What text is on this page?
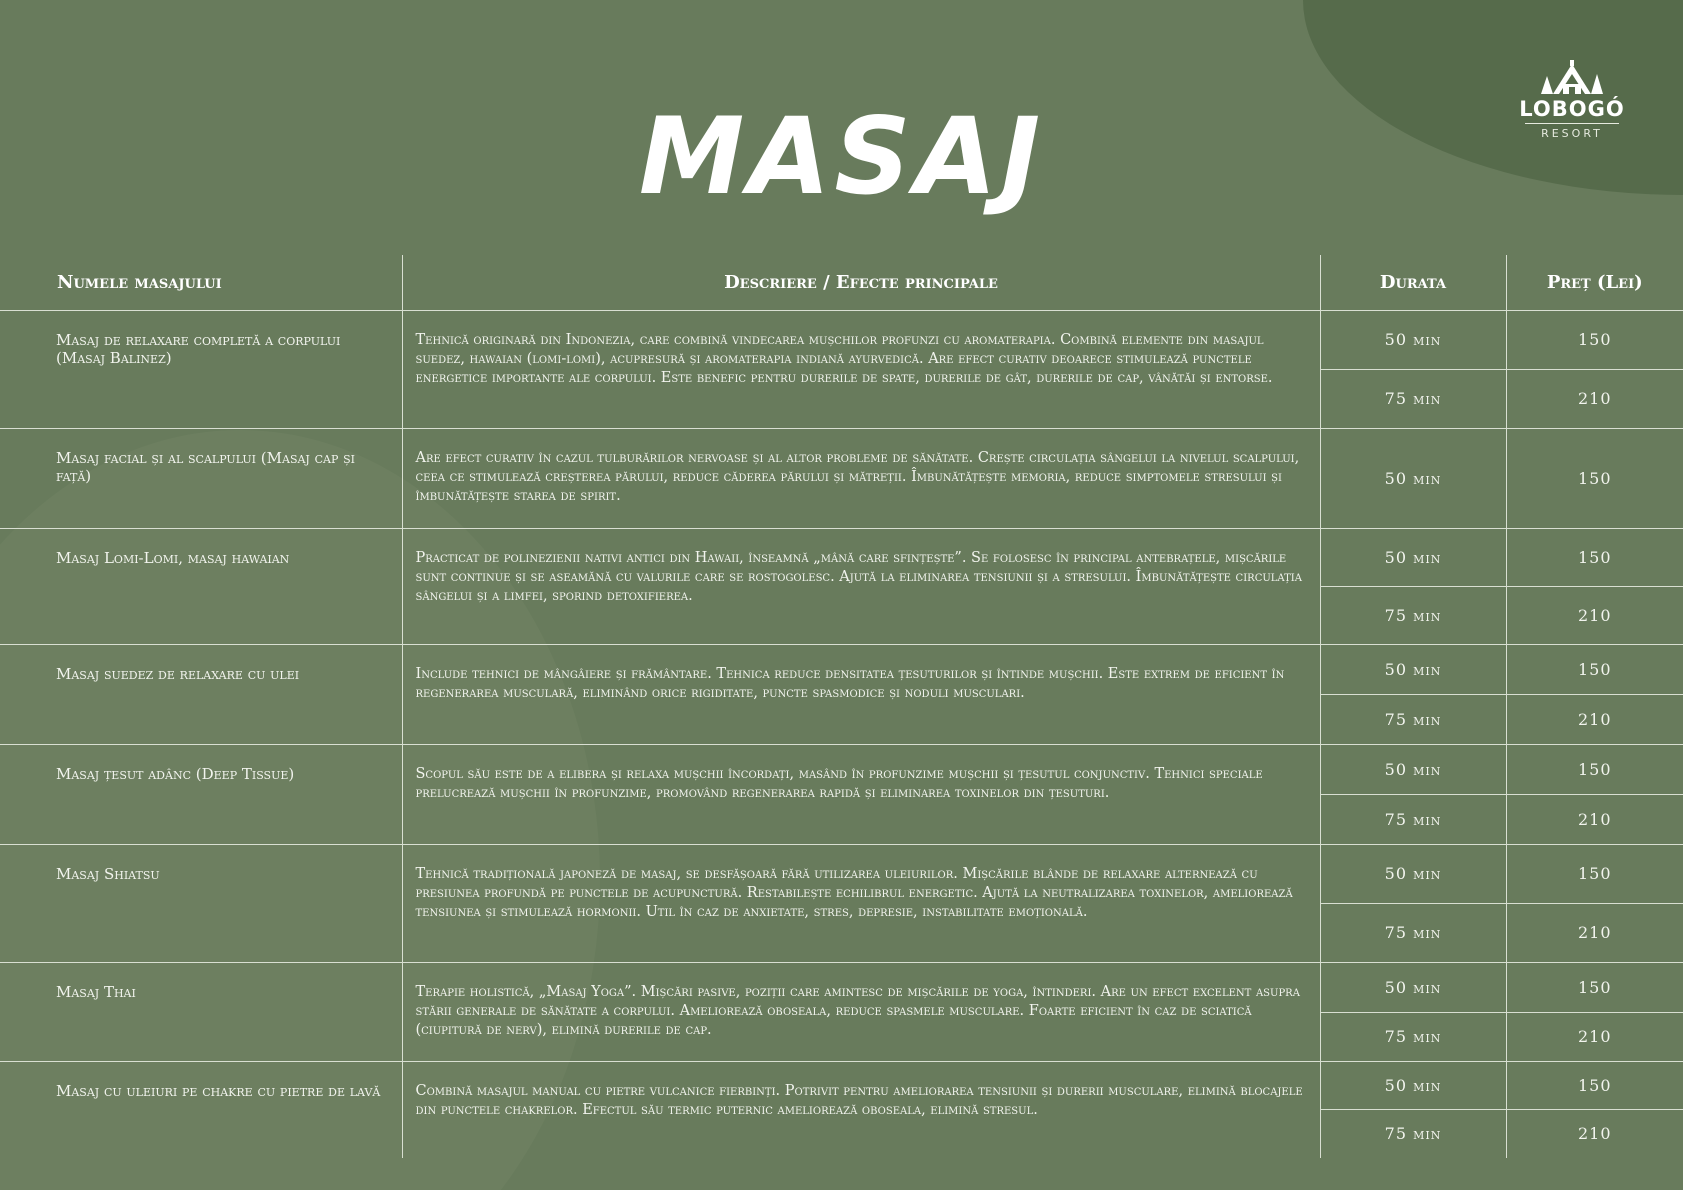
LOBOGÓ
RESORT
MASAJ
Numele masajului	Descriere / Efecte principale	Durata	Preț (Lei)
Masaj de relaxare completă a corpului (Masaj Balinez)	Tehnică originară din Indonezia, care combină vindecarea mușchilor profunzi cu aromaterapia. Combină elemente din masajul suedez, hawaian (lomi-lomi), acupresură și aromaterapia indiană ayurvedică. Are efect curativ deoarece stimulează punctele energetice importante ale corpului. Este benefic pentru durerile de spate, durerile de gât, durerile de cap, vânătăi și entorse.	50 min	150
		75 min	210
Masaj facial și al scalpului (Masaj cap și față)	Are efect curativ în cazul tulburărilor nervoase și al altor probleme de sănătate. Crește circulația sângelui la nivelul scalpului, ceea ce stimulează creșterea părului, reduce căderea părului și mătreții. Îmbunătățește memoria, reduce simptomele stresului și îmbunătățește starea de spirit.	50 min	150
Masaj Lomi-Lomi, masaj hawaian	Practicat de polinezienii nativi antici din Hawaii, înseamnă „mână care sfințește”. Se folosesc în principal antebrațele, mișcările sunt continue și se aseamănă cu valurile care se rostogolesc. Ajută la eliminarea tensiunii și a stresului. Îmbunătățește circulația sângelui și a limfei, sporind detoxifierea.	50 min	150
		75 min	210
Masaj suedez de relaxare cu ulei	Include tehnici de mângâiere și frământare. Tehnica reduce densitatea țesuturilor și întinde mușchii. Este extrem de eficient în regenerarea musculară, eliminând orice rigiditate, puncte spasmodice și noduli musculari.	50 min	150
		75 min	210
Masaj țesut adânc (Deep Tissue)	Scopul său este de a elibera și relaxa mușchii încordați, masând în profunzime mușchii și țesutul conjunctiv. Tehnici speciale prelucrează mușchii în profunzime, promovând regenerarea rapidă și eliminarea toxinelor din țesuturi.	50 min	150
		75 min	210
Masaj Shiatsu	Tehnică tradițională japoneză de masaj, se desfășoară fără utilizarea uleiurilor. Mișcările blânde de relaxare alternează cu presiunea profundă pe punctele de acupunctură. Restabilește echilibrul energetic. Ajută la neutralizarea toxinelor, ameliorează tensiunea și stimulează hormonii. Util în caz de anxietate, stres, depresie, instabilitate emoțională.	50 min	150
		75 min	210
Masaj Thai	Terapie holistică, „Masaj Yoga”. Mișcări pasive, poziții care amintesc de mișcările de yoga, întinderi. Are un efect excelent asupra stării generale de sănătate a corpului. Ameliorează oboseala, reduce spasmele musculare. Foarte eficient în caz de sciatică (ciupitură de nerv), elimină durerile de cap.	50 min	150
		75 min	210
Masaj cu uleiuri pe chakre cu pietre de lavă	Combină masajul manual cu pietre vulcanice fierbinți. Potrivit pentru ameliorarea tensiunii și durerii musculare, elimină blocajele din punctele chakrelor. Efectul său termic puternic ameliorează oboseala, elimină stresul.	50 min	150
		75 min	210
